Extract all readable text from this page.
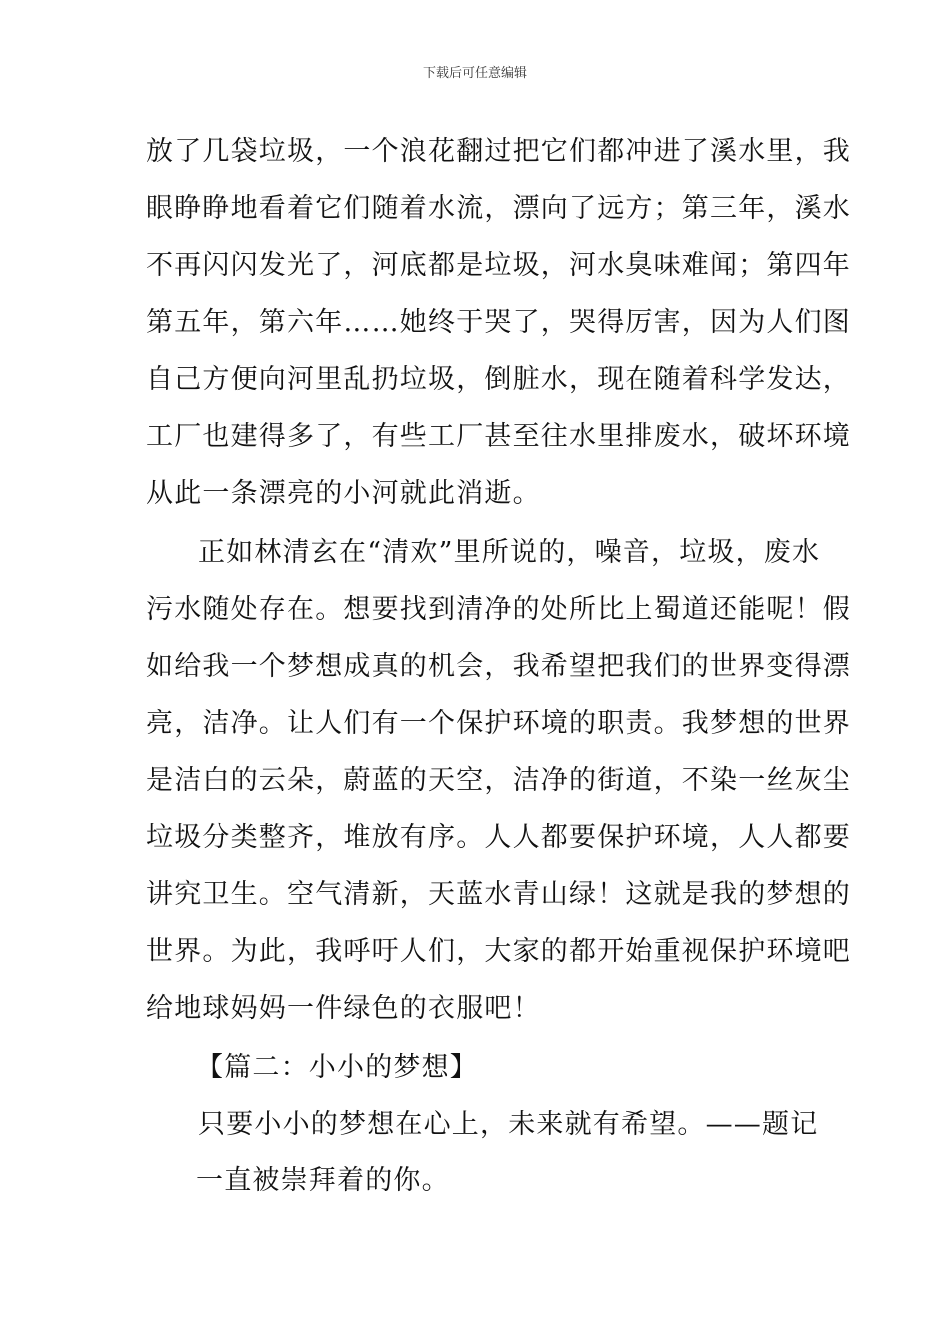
下载后可任意编辑
放了几袋垃圾，一个浪花翻过把它们都冲进了溪水里，我
眼睁睁地看着它们随着水流，漂向了远方；第三年，溪水
不再闪闪发光了，河底都是垃圾，河水臭味难闻；第四年
第五年，第六年……她终于哭了，哭得厉害，因为人们图
自己方便向河里乱扔垃圾，倒脏水，现在随着科学发达，
工厂也建得多了，有些工厂甚至往水里排废水，破坏环境
从此一条漂亮的小河就此消逝。
正如林清玄在“清欢”里所说的，噪音，垃圾，废水
污水随处存在。想要找到清净的处所比上蜀道还能呢！假
如给我一个梦想成真的机会，我希望把我们的世界变得漂
亮，洁净。让人们有一个保护环境的职责。我梦想的世界
是洁白的云朵，蔚蓝的天空，洁净的街道，不染一丝灰尘
垃圾分类整齐，堆放有序。人人都要保护环境，人人都要
讲究卫生。空气清新，天蓝水青山绿！这就是我的梦想的
世界。为此，我呼吁人们，大家的都开始重视保护环境吧
给地球妈妈一件绿色的衣服吧！
【篇二：小小的梦想】
只要小小的梦想在心上，未来就有希望。——题记
一直被崇拜着的你。
